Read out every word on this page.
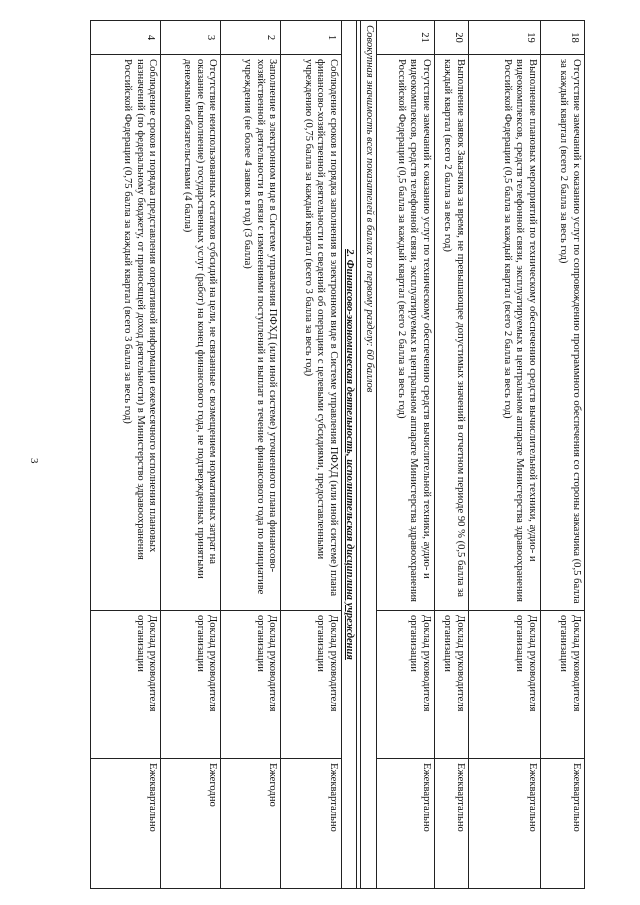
3
18	Отсутствие замечаний к оказанию услуг по сопровождению программного обеспечения со стороны заказчика (0,5 балла за каждый квартал (всего 2 балла за весь год)	Доклад руководителя организации	Ежеквартально
19	Выполнение плановых мероприятий по техническому обеспечению средств вычислительной техники, аудио- и видеокомплексов, средств телефонной связи, эксплуатируемых в центральном аппарате Министерства здравоохранения Российской Федерации (0,5 балла за каждый квартал (всего 2 балла за весь год)	Доклад руководителя организации	Ежеквартально
20	Выполнение заявок Заказчика за время, не превышающее допустимых значений в отчетном периоде 90 % (0,5 балла за каждый квартал (всего 2 балла за весь год)	Доклад руководителя организации	Ежеквартально
21	Отсутствие замечаний к оказанию услуг по техническому обеспечению средств вычислительной техники, аудио- и видеокомплексов, средств телефонной связи, эксплуатируемых в центральном аппарате Министерства здравоохранения Российской Федерации (0,5 балла за каждый квартал (всего 2 балла за весь год)	Доклад руководителя организации	Ежеквартально
Совокупная значимость всех показателей в баллах по первому разделу: 60 баллов			

2. Финансово-экономическая деятельность, исполнительская дисциплина учреждения			
1	Соблюдение сроков и порядка заполнения в электронном виде в Системе управления ПФХД (или иной системе) плана финансово-хозяйственной деятельности и сведений об операциях с целевыми субсидиями, предоставленными учреждению (0,75 балла за каждый квартал (всего 3 балла за весь год)	Доклад руководителя организации	Ежеквартально
2	Заполнение в электронном виде в Системе управления ПФХД (или иной системе) уточненного плана финансово-хозяйственной деятельности в связи с изменениями поступлений и выплат в течение финансового года по инициативе учреждения (не более 4 заявок в год) (3 балла)	Доклад руководителя организации	Ежегодно
3	Отсутствие неиспользованных остатков субсидий на цели, не связанные с возмещением нормативных затрат на оказание (выполнение) государственных услуг (работ) на конец финансового года, не подтвержденных принятыми денежными обязательствами (4 балла)	Доклад руководителя организации	Ежегодно
4	Соблюдение сроков и порядка представления оперативной информации ежемесячного исполнения плановых назначений (по федеральному бюджету, от приносящей доход деятельности) в Министерство здравоохранения Российской Федерации (0,75 балла за каждый квартал (всего 3 балла за весь год)	Доклад руководителя организации	Ежеквартально
